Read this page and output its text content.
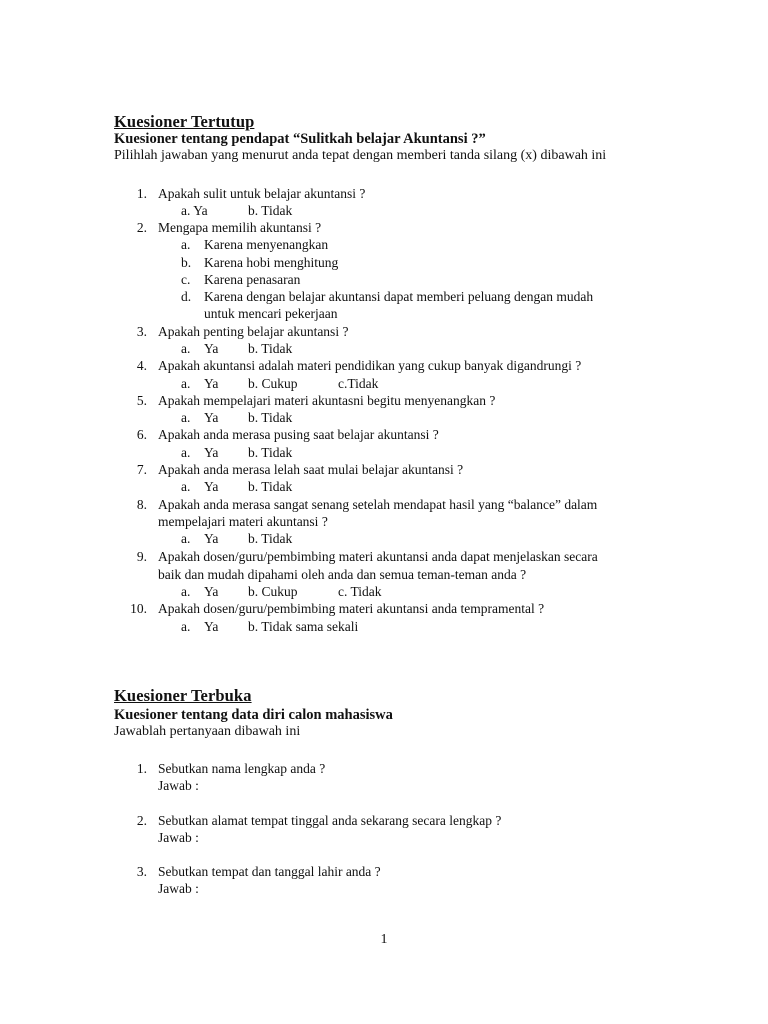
Kuesioner Tertutup
Kuesioner tentang pendapat “Sulitkah belajar Akuntansi ?”
Pilihlah jawaban yang menurut anda tepat dengan memberi tanda silang (x) dibawah ini
1. Apakah sulit untuk belajar akuntansi ?
a. Ya	b. Tidak
2. Mengapa memilih akuntansi ?
a. Karena menyenangkan
b. Karena hobi menghitung
c. Karena penasaran
d. Karena dengan belajar akuntansi dapat memberi peluang dengan mudah
untuk mencari pekerjaan
3. Apakah penting belajar akuntansi ?
a. Ya b. Tidak
4. Apakah akuntansi adalah materi pendidikan yang cukup banyak digandrungi ?
a. Ya b. Cukup	c.Tidak
5. Apakah mempelajari materi akuntasni begitu menyenangkan ?
a. Ya b. Tidak
6. Apakah anda merasa pusing saat belajar akuntansi ?
a. Ya b. Tidak
7. Apakah anda merasa lelah saat mulai belajar akuntansi ?
a. Ya b. Tidak
8. Apakah anda merasa sangat senang setelah mendapat hasil yang “balance” dalam
mempelajari materi akuntansi ?
a. Ya b. Tidak
9. Apakah dosen/guru/pembimbing materi akuntansi anda dapat menjelaskan secara
baik dan mudah dipahami oleh anda dan semua teman-teman anda ?
a. Ya b. Cukup	c. Tidak
10. Apakah dosen/guru/pembimbing materi akuntansi anda tempramental ?
a. Ya b. Tidak sama sekali
Kuesioner Terbuka
Kuesioner tentang data diri calon mahasiswa
Jawablah pertanyaan dibawah ini
1. Sebutkan nama lengkap anda ?
Jawab :
2. Sebutkan alamat tempat tinggal anda sekarang secara lengkap ?
Jawab :
3. Sebutkan tempat dan tanggal lahir anda ?
Jawab :
1
